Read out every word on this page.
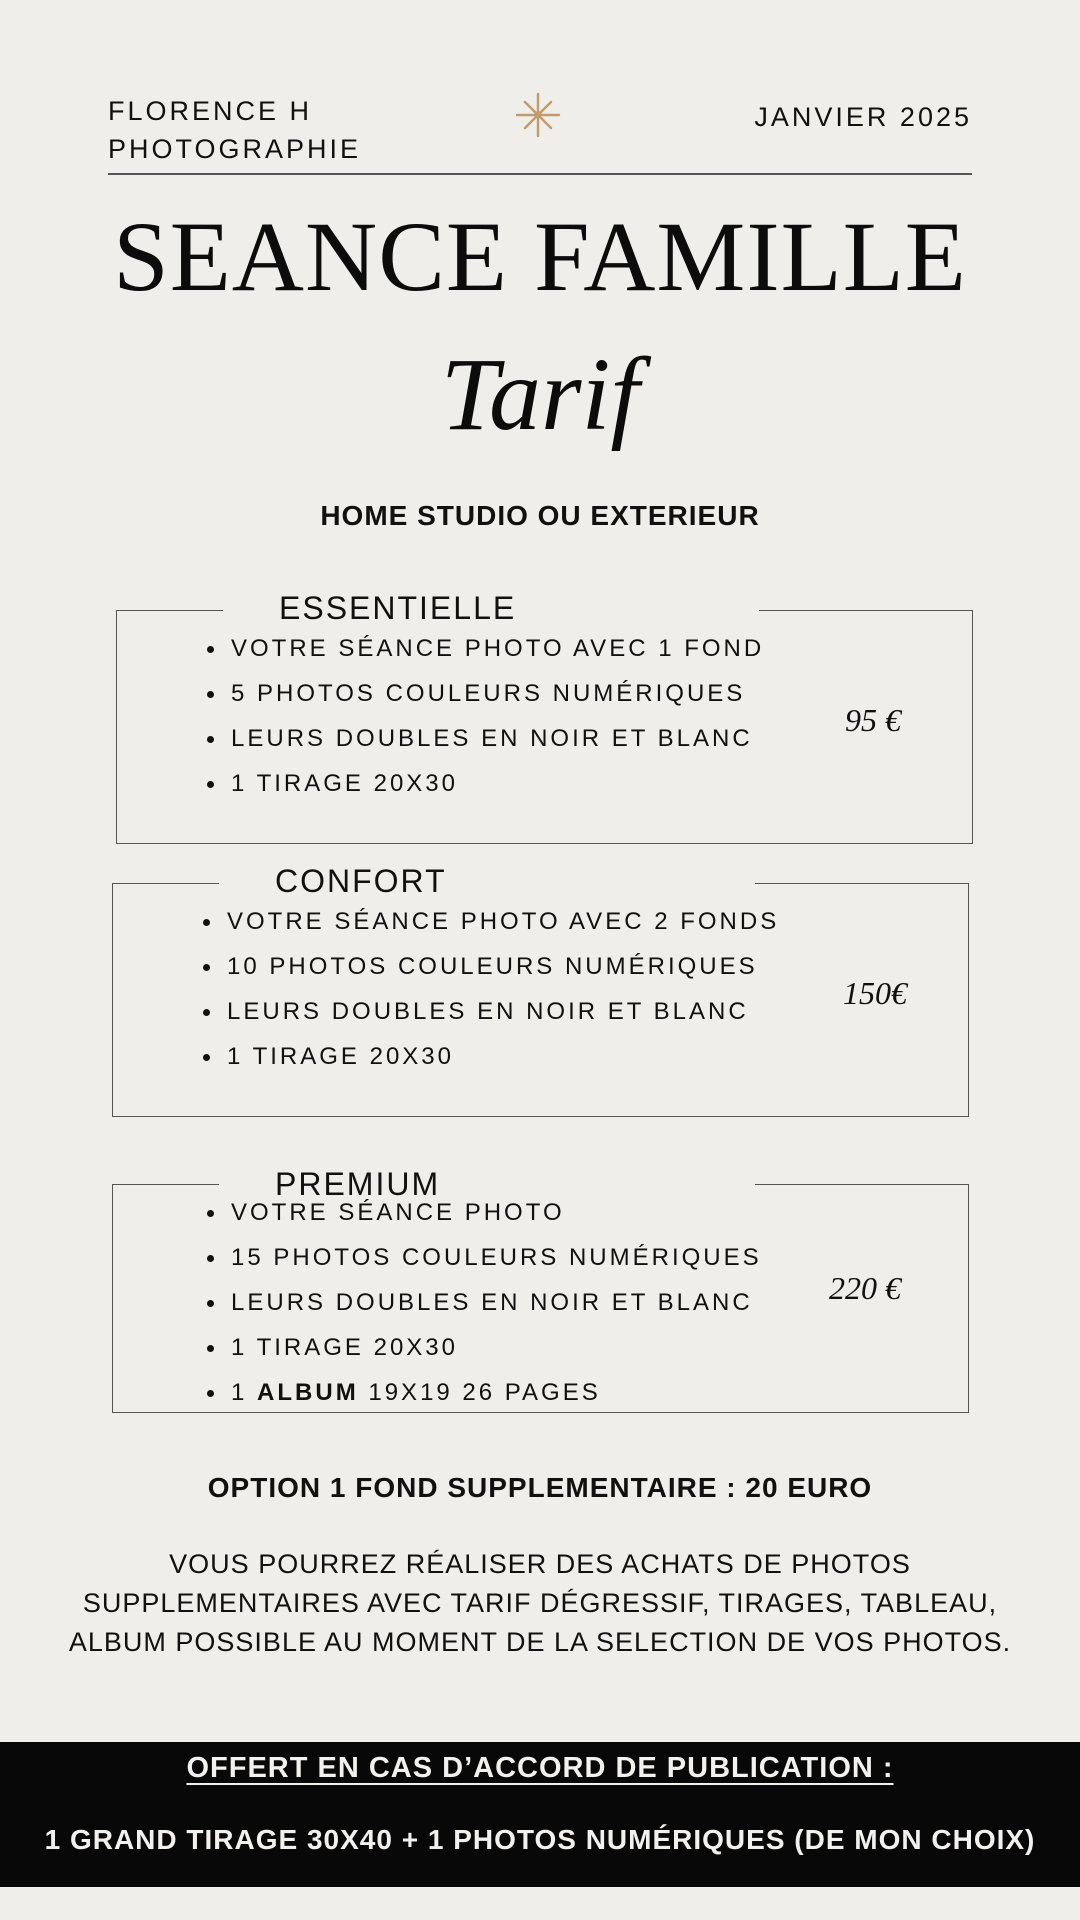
FLORENCE H
PHOTOGRAPHIE
JANVIER 2025
SEANCE FAMILLE
Tarif
HOME STUDIO OU EXTERIEUR
ESSENTIELLE
VOTRE SÉANCE PHOTO AVEC 1 FOND
5 PHOTOS COULEURS NUMÉRIQUES
LEURS DOUBLES EN NOIR ET BLANC
1 TIRAGE 20X30
95 €
CONFORT
VOTRE SÉANCE PHOTO AVEC 2 FONDS
10 PHOTOS COULEURS NUMÉRIQUES
LEURS DOUBLES EN NOIR ET BLANC
1 TIRAGE 20X30
150€
PREMIUM
VOTRE SÉANCE PHOTO
15 PHOTOS COULEURS NUMÉRIQUES
LEURS DOUBLES EN NOIR ET BLANC
1 TIRAGE 20X30
1 ALBUM 19X19 26 PAGES
220 €
OPTION 1 FOND SUPPLEMENTAIRE : 20 EURO
VOUS POURREZ RÉALISER DES ACHATS DE PHOTOS SUPPLEMENTAIRES AVEC TARIF DÉGRESSIF, TIRAGES, TABLEAU, ALBUM POSSIBLE AU MOMENT DE LA SELECTION DE VOS PHOTOS.
OFFERT EN CAS D’ACCORD DE PUBLICATION :
1 GRAND TIRAGE 30X40 + 1 PHOTOS NUMÉRIQUES (DE MON CHOIX)
